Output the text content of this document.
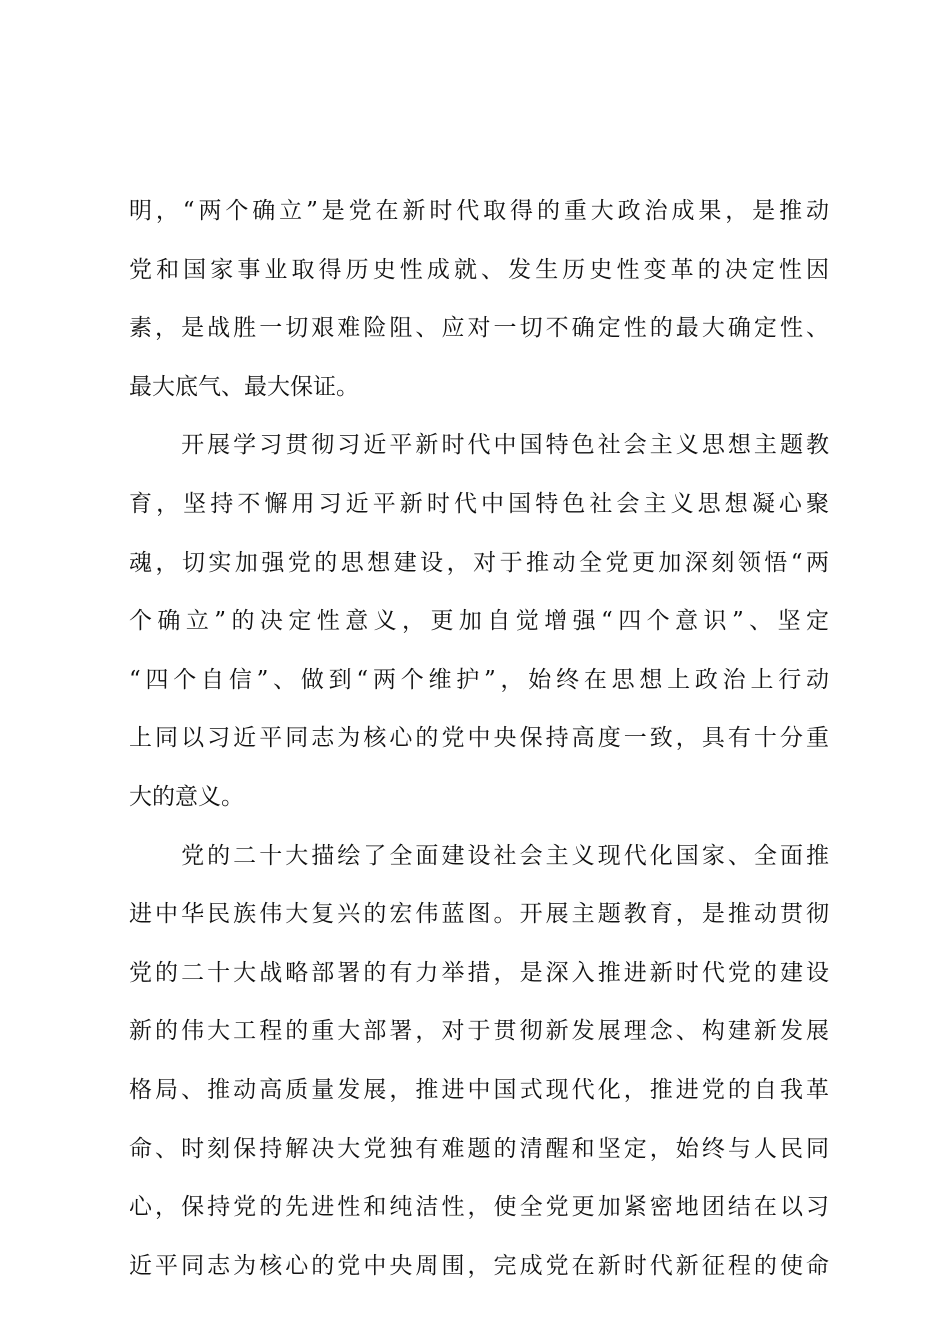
明，“两个确立”是党在新时代取得的重大政治成果，是推动
党和国家事业取得历史性成就、发生历史性变革的决定性因
素，是战胜一切艰难险阻、应对一切不确定性的最大确定性、
最大底气、最大保证。
　　开展学习贯彻习近平新时代中国特色社会主义思想主题教
育，坚持不懈用习近平新时代中国特色社会主义思想凝心聚
魂，切实加强党的思想建设，对于推动全党更加深刻领悟“两
个确立”的决定性意义，更加自觉增强“四个意识”、坚定
“四个自信”、做到“两个维护”，始终在思想上政治上行动
上同以习近平同志为核心的党中央保持高度一致，具有十分重
大的意义。
　　党的二十大描绘了全面建设社会主义现代化国家、全面推
进中华民族伟大复兴的宏伟蓝图。开展主题教育，是推动贯彻
党的二十大战略部署的有力举措，是深入推进新时代党的建设
新的伟大工程的重大部署，对于贯彻新发展理念、构建新发展
格局、推动高质量发展，推进中国式现代化，推进党的自我革
命、时刻保持解决大党独有难题的清醒和坚定，始终与人民同
心，保持党的先进性和纯洁性，使全党更加紧密地团结在以习
近平同志为核心的党中央周围，完成党在新时代新征程的使命
